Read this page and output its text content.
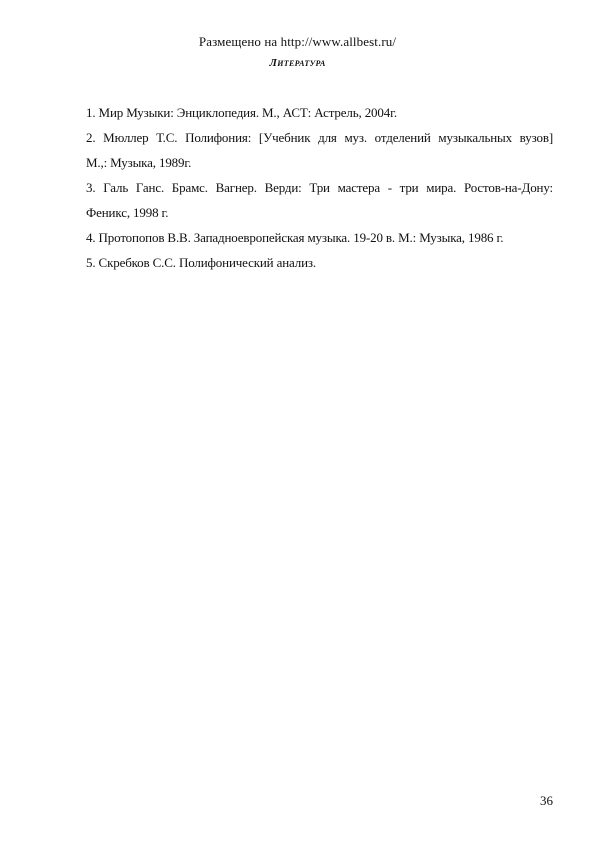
Размещено на http://www.allbest.ru/
Литература
1. Мир Музыки: Энциклопедия. М., АСТ: Астрель, 2004г.
2. Мюллер Т.С. Полифония: [Учебник для муз. отделений музыкальных вузов]
М.,: Музыка, 1989г.
3. Галь Ганс. Брамс. Вагнер. Верди: Три мастера - три мира. Ростов-на-Дону:
Феникс, 1998 г.
4. Протопопов В.В. Западноевропейская музыка. 19-20 в. М.: Музыка, 1986 г.
5. Скребков С.С. Полифонический анализ.
36
